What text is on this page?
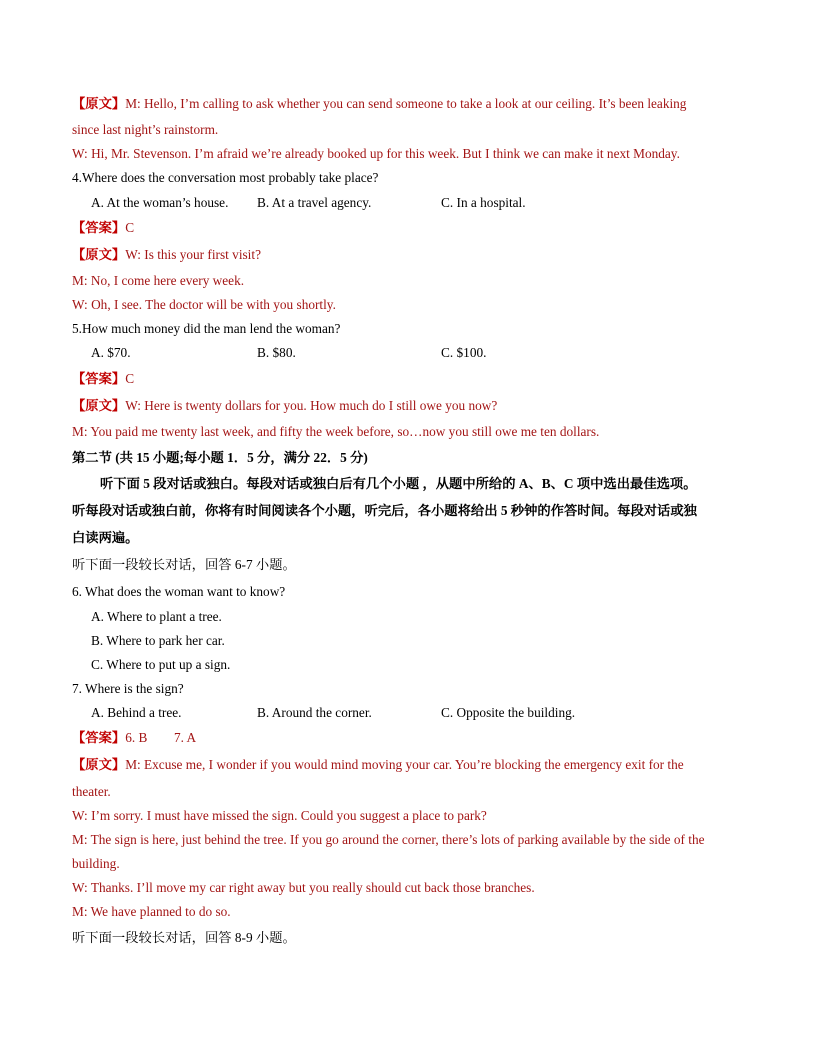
【原文】M: Hello, I’m calling to ask whether you can send someone to take a look at our ceiling. It’s been leaking
since last night’s rainstorm.
W: Hi, Mr. Stevenson. I’m afraid we’re already booked up for this week. But I think we can make it next Monday.
4.Where does the conversation most probably take place?
A. At the woman’s house. B. At a travel agency.	C. In a hospital.
【答案】C
【原文】W: Is this your first visit?
M: No, I come here every week.
W: Oh, I see. The doctor will be with you shortly.
5.How much money did the man lend the woman?
A. $70.	B. $80.	C. $100.
【答案】C
【原文】W: Here is twenty dollars for you. How much do I still owe you now?
M: You paid me twenty last week, and fifty the week before, so…now you still owe me ten dollars.
第二节 (共 15 小题;每小题 1．5 分，满分 22．5 分)
听下面 5 段对话或独白。每段对话或独白后有几个小题 ，从题中所给的 A、B、C 项中选出最佳选项。
听每段对话或独白前，你将有时间阅读各个小题，听完后，各小题将给出 5 秒钟的作答时间。每段对话或独
白读两遍。
听下面一段较长对话，回答 6-7 小题。
6. What does the woman want to know?
A. Where to plant a tree.
B. Where to park her car.
C. Where to put up a sign.
7. Where is the sign?
A. Behind a tree.	B. Around the corner.	C. Opposite the building.
【答案】6. B        7. A
【原文】M: Excuse me, I wonder if you would mind moving your car. You’re blocking the emergency exit for the
theater.
W: I’m sorry. I must have missed the sign. Could you suggest a place to park?
M: The sign is here, just behind the tree. If you go around the corner, there’s lots of parking available by the side of the
building.
W: Thanks. I’ll move my car right away but you really should cut back those branches.
M: We have planned to do so.
听下面一段较长对话，回答 8-9 小题。
